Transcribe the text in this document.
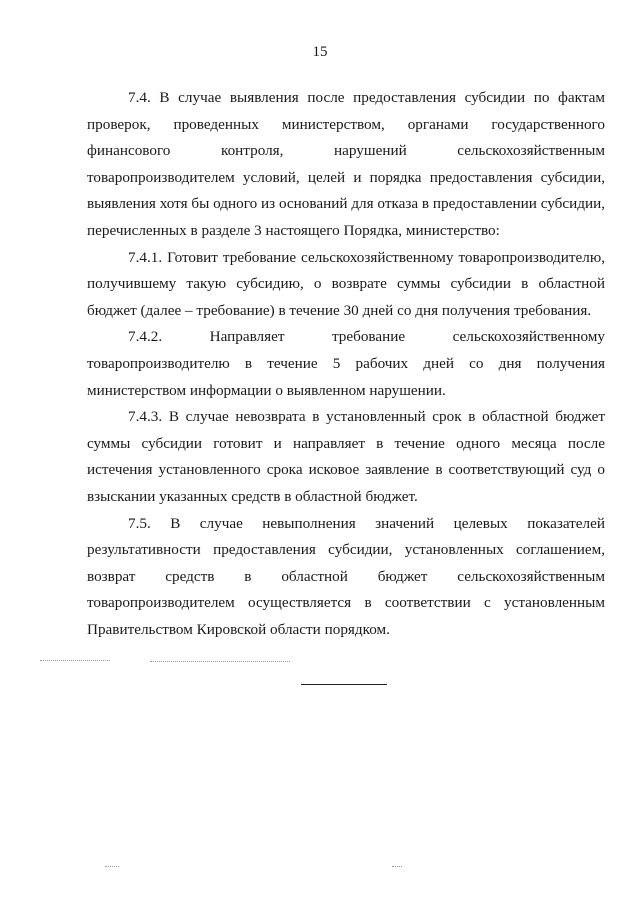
15

7.4. В случае выявления после предоставления субсидии по фактам проверок, проведенных министерством, органами государственного финансового контроля, нарушений сельскохозяйственным товаропроизводителем условий, целей и порядка предоставления субсидии, выявления хотя бы одного из оснований для отказа в предоставлении субсидии, перечисленных в разделе 3 настоящего Порядка, министерство:

7.4.1. Готовит требование сельскохозяйственному товаропроизводителю, получившему такую субсидию, о возврате суммы субсидии в областной бюджет (далее – требование) в течение 30 дней со дня получения требования.

7.4.2. Направляет требование сельскохозяйственному товаропроизводителю в течение 5 рабочих дней со дня получения министерством информации о выявленном нарушении.

7.4.3. В случае невозврата в установленный срок в областной бюджет суммы субсидии готовит и направляет в течение одного месяца после истечения установленного срока исковое заявление в соответствующий суд о взыскании указанных средств в областной бюджет.

7.5. В случае невыполнения значений целевых показателей результативности предоставления субсидии, установленных соглашением, возврат средств в областной бюджет сельскохозяйственным товаропроизводителем осуществляется в соответствии с установленным Правительством Кировской области порядком.
